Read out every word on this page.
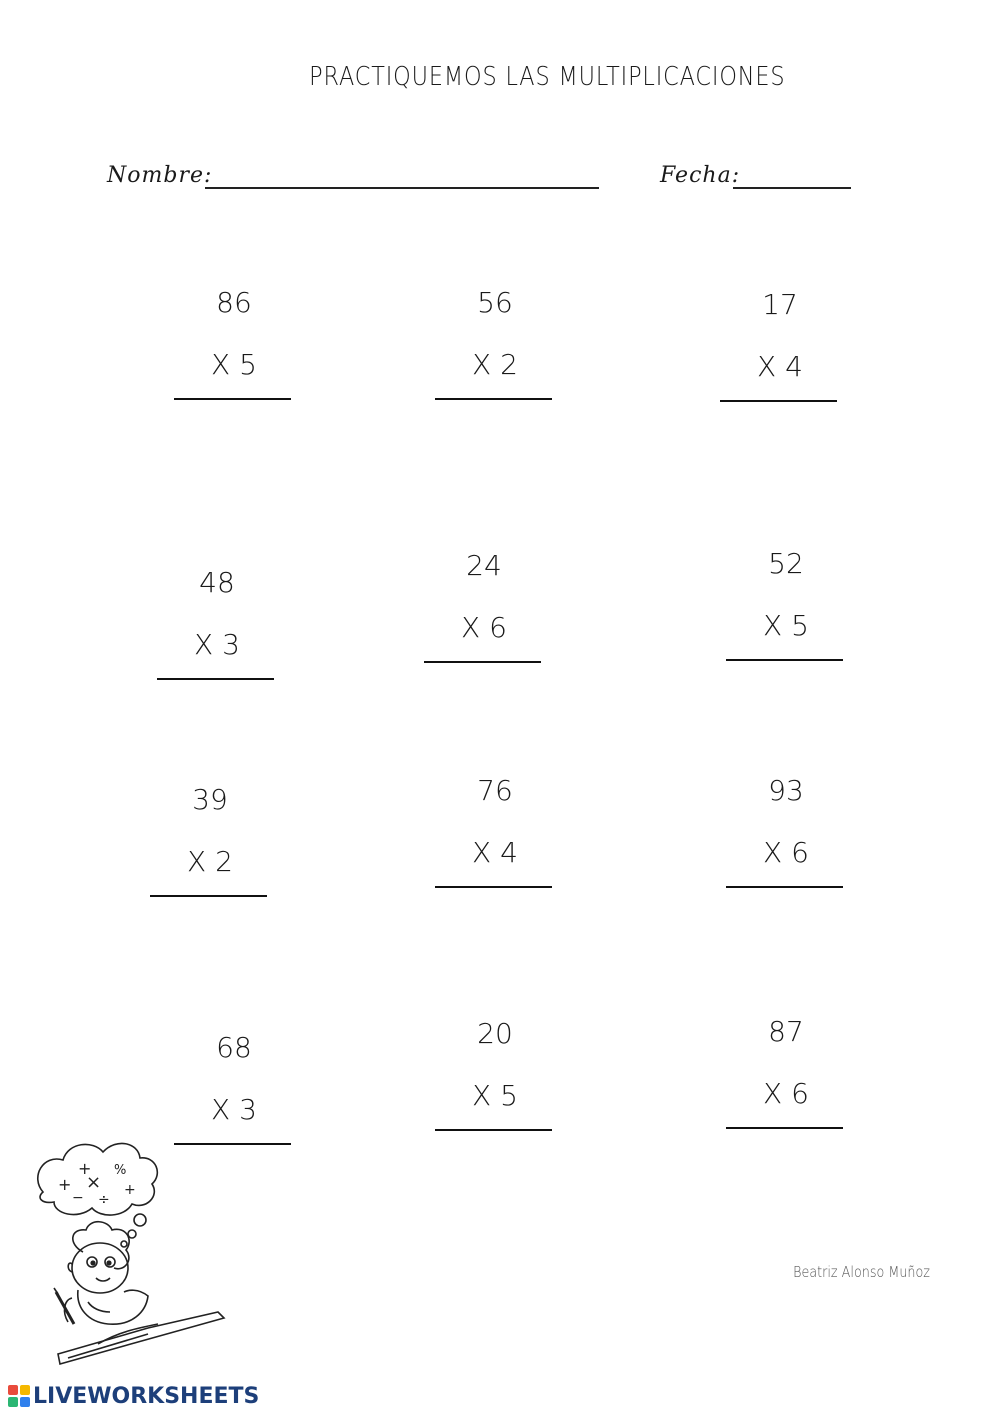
PRACTIQUEMOS LAS MULTIPLICACIONES
Nombre:	Fecha:
86
X 5
56
X 2
17
X 4
48
X 3
24
X 6
52
X 5
39
X 2
76
X 4
93
X 6
68
X 3
20
X 5
87
X 6
+
+
×
%
− ÷
+
Beatriz Alonso Muñoz
LIVEWORKSHEETS
